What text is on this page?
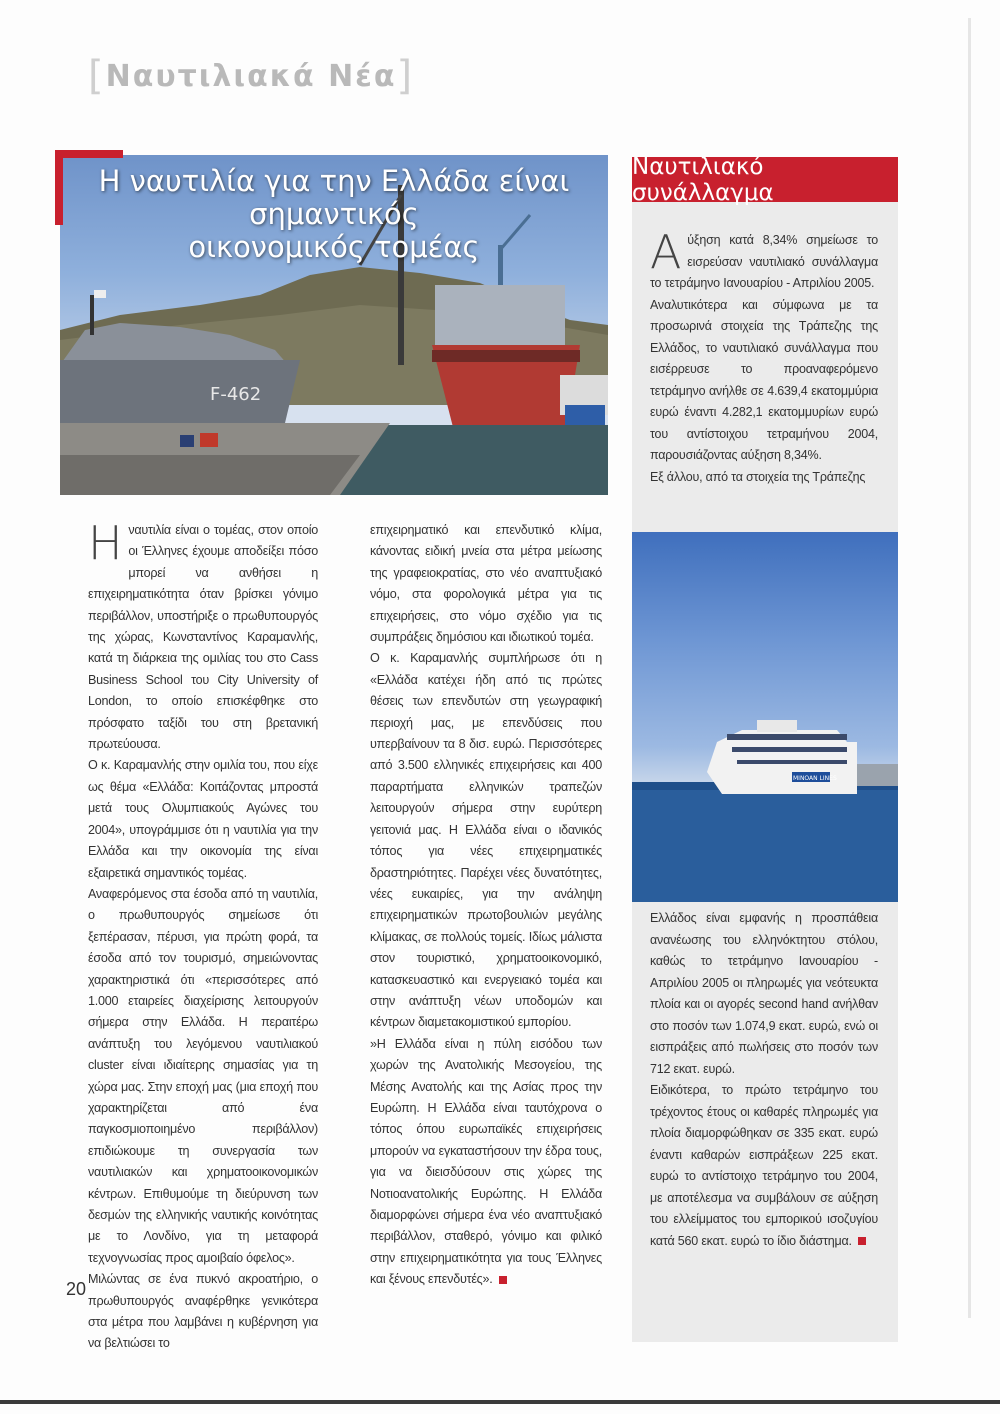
[Ναυτιλιακά Νέα]
Η ναυτιλία για την Ελλάδα είναι σημαντικός
οικονομικός τομέας
F-462

Ηναυτιλία είναι ο τομέας, στον οποίο οι Έλληνες έχουμε αποδείξει πόσο μπορεί να ανθήσει η επιχειρηματικότητα όταν βρίσκει γόνιμο περιβάλλον, υποστήριξε ο πρωθυπουργός της χώρας, Κωνσταντίνος Καραμανλής, κατά τη διάρκεια της ομιλίας του στο Cass Business School του City University of London, το οποίο επισκέφθηκε στο πρόσφατο ταξίδι του στη βρετανική πρωτεύουσα.

Ο κ. Καραμανλής στην ομιλία του, που είχε ως θέμα «Ελλάδα: Κοιτάζοντας μπροστά μετά τους Ολυμπιακούς Αγώνες του 2004», υπογράμμισε ότι η ναυτιλία για την Ελλάδα και την οικονομία της είναι εξαιρετικά σημαντικός τομέας.

Αναφερόμενος στα έσοδα από τη ναυτιλία, ο πρωθυπουργός σημείωσε ότι ξεπέρασαν, πέρυσι, για πρώτη φορά, τα έσοδα από τον τουρισμό, σημειώνοντας χαρακτηριστικά ότι «περισσότερες από 1.000 εταιρείες διαχείρισης λειτουργούν σήμερα στην Ελλάδα. Η περαιτέρω ανάπτυξη του λεγόμενου ναυτιλιακού cluster είναι ιδιαίτερης σημασίας για τη χώρα μας. Στην εποχή μας (μια εποχή που χαρακτηρίζεται από ένα παγκοσμιοποιημένο περιβάλλον) επιδιώκουμε τη συνεργασία των ναυτιλιακών και χρηματοοικονομικών κέντρων. Επιθυμούμε τη διεύρυνση των δεσμών της ελληνικής ναυτικής κοινότητας με το Λονδίνο, για τη μεταφορά τεχνογνωσίας προς αμοιβαίο όφελος».

Μιλώντας σε ένα πυκνό ακροατήριο, ο πρωθυπουργός αναφέρθηκε γενικότερα στα μέτρα που λαμβάνει η κυβέρνηση για να βελτιώσει το

επιχειρηματικό και επενδυτικό κλίμα, κάνοντας ειδική μνεία στα μέτρα μείωσης της γραφειοκρατίας, στο νέο αναπτυξιακό νόμο, στα φορολογικά μέτρα για τις επιχειρήσεις, στο νόμο σχέδιο για τις συμπράξεις δημόσιου και ιδιωτικού τομέα.

Ο κ. Καραμανλής συμπλήρωσε ότι η «Ελλάδα κατέχει ήδη από τις πρώτες θέσεις των επενδυτών στη γεωγραφική περιοχή μας, με επενδύσεις που υπερβαίνουν τα 8 δισ. ευρώ. Περισσότερες από 3.500 ελληνικές επιχειρήσεις και 400 παραρτήματα ελληνικών τραπεζών λειτουργούν σήμερα στην ευρύτερη γειτονιά μας. Η Ελλάδα είναι ο ιδανικός τόπος για νέες επιχειρηματικές δραστηριότητες. Παρέχει νέες δυνατότητες, νέες ευκαιρίες, για την ανάληψη επιχειρηματικών πρωτοβουλιών μεγάλης κλίμακας, σε πολλούς τομείς. Ιδίως μάλιστα στον τουριστικό, χρηματοοικονομικό, κατασκευαστικό και ενεργειακό τομέα και στην ανάπτυξη νέων υποδομών και κέντρων διαμετακομιστικού εμπορίου.

»Η Ελλάδα είναι η πύλη εισόδου των χωρών της Ανατολικής Μεσογείου, της Μέσης Ανατολής και της Ασίας προς την Ευρώπη. Η Ελλάδα είναι ταυτόχρονα ο τόπος όπου ευρωπαϊκές επιχειρήσεις μπορούν να εγκαταστήσουν την έδρα τους, για να διεισδύσουν στις χώρες της Νοτιοανατολικής Ευρώπης. Η Ελλάδα διαμορφώνει σήμερα ένα νέο αναπτυξιακό περιβάλλον, σταθερό, γόνιμο και φιλικό στην επιχειρηματικότητα για τους Έλληνες και ξένους επενδυτές».

Ναυτιλιακό συνάλλαγμα

Αύξηση κατά 8,34% σημείωσε το εισρεύσαν ναυτιλιακό συνάλλαγμα το τετράμηνο Ιανουαρίου - Απριλίου 2005.

Αναλυτικότερα και σύμφωνα με τα προσωρινά στοιχεία της Τράπεζης της Ελλάδος, το ναυτιλιακό συνάλλαγμα που εισέρρευσε το προαναφερόμενο τετράμηνο ανήλθε σε 4.639,4 εκατομμύρια ευρώ έναντι 4.282,1 εκατομμυρίων ευρώ του αντίστοιχου τετραμήνου 2004, παρουσιάζοντας αύξηση 8,34%.

Εξ άλλου, από τα στοιχεία της Τράπεζης

MINOAN LINES

Ελλάδος είναι εμφανής η προσπάθεια ανανέωσης του ελληνόκτητου στόλου, καθώς το τετράμηνο Ιανουαρίου - Απριλίου 2005 οι πληρωμές για νεότευκτα πλοία και οι αγορές second hand ανήλθαν στο ποσόν των 1.074,9 εκατ. ευρώ, ενώ οι εισπράξεις από πωλήσεις στο ποσόν των 712 εκατ. ευρώ.

Ειδικότερα, το πρώτο τετράμηνο του τρέχοντος έτους οι καθαρές πληρωμές για πλοία διαμορφώθηκαν σε 335 εκατ. ευρώ έναντι καθαρών εισπράξεων 225 εκατ. ευρώ το αντίστοιχο τετράμηνο του 2004, με αποτέλεσμα να συμβάλουν σε αύξηση του ελλείμματος του εμπορικού ισοζυγίου κατά 560 εκατ. ευρώ το ίδιο διάστημα.

20
